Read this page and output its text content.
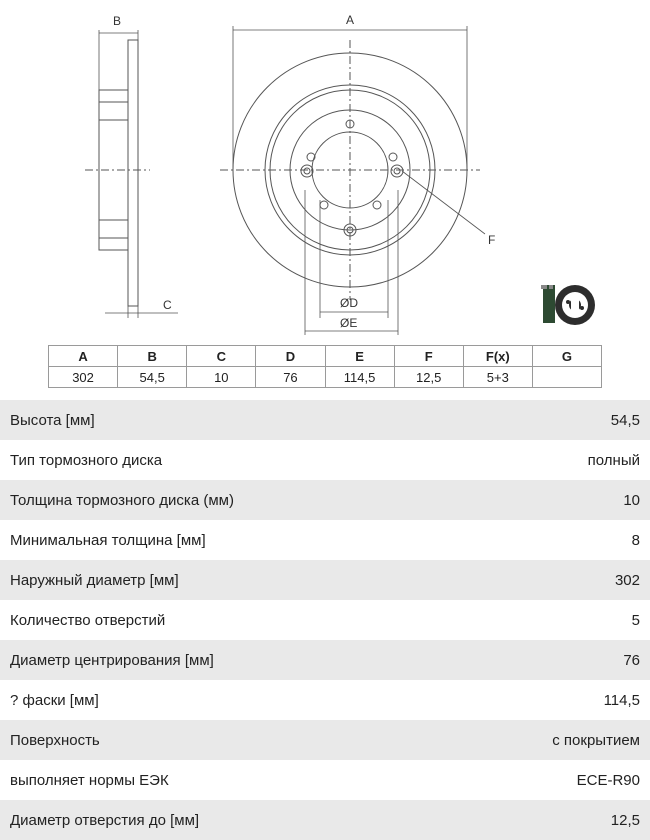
B
C
A
F
ØD
ØE
A	B	C	D	E	F	F(x)	G
302	54,5	10	76	114,5	12,5	5+3	
Высота [мм]	54,5
Тип тормозного диска	полный
Толщина тормозного диска (мм)	10
Минимальная толщина [мм]	8
Наружный диаметр [мм]	302
Количество отверстий	5
Диаметр центрирования [мм]	76
? фаски [мм]	114,5
Поверхность	с покрытием
выполняет нормы ЕЭК	ECE-R90
Диаметр отверстия до [мм]	12,5
